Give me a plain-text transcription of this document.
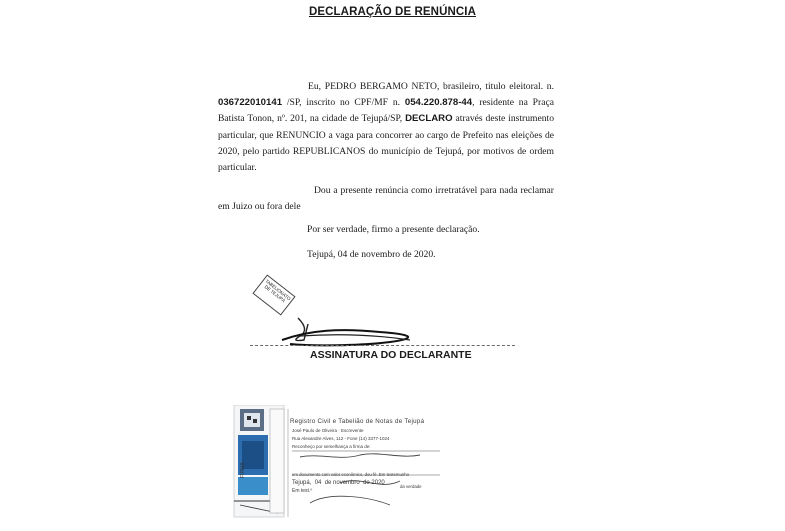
DECLARAÇÃO DE RENÚNCIA
Eu, PEDRO BERGAMO NETO, brasileiro, titulo eleitoral. n. 036722010141 /SP, inscrito no CPF/MF n. 054.220.878-44, residente na Praça Batista Tonon, nº. 201, na cidade de Tejupá/SP, DECLARO através deste instrumento particular, que RENUNCIO a vaga para concorrer ao cargo de Prefeito nas eleições de 2020, pelo partido REPUBLICANOS do município de Tejupá, por motivos de ordem particular.
Dou a presente renúncia como irretratável para nada reclamar em Juizo ou fora dele
Por ser verdade, firmo a presente declaração.
Tejupá, 04 de novembro de 2020.
TABELIONATO DE TEJUPÁ
ASSINATURA DO DECLARANTE
Registro Civil e Tabelião de Notas de Tejupá
José Paulo de Oliveira · Escrevente
Rua Alexandre Alves, 112 - Fone (14) 3377-1024
Reconheço por semelhança a firma de:
em documento com valor econômico, dou fé. Em testemunho
Tejupá,  04  de novembro  de 2020
da verdade
Em test.º
FIRMA
